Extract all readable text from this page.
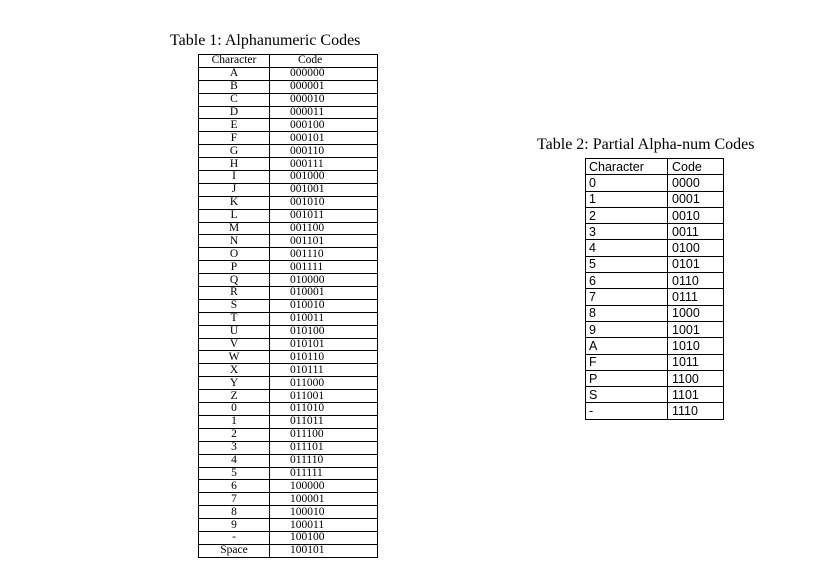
Table 1: Alphanumeric Codes
Character	Code
A	000000
B	000001
C	000010
D	000011
E	000100
F	000101
G	000110
H	000111
I	001000
J	001001
K	001010
L	001011
M	001100
N	001101
O	001110
P	001111
Q	010000
R	010001
S	010010
T	010011
U	010100
V	010101
W	010110
X	010111
Y	011000
Z	011001
0	011010
1	011011
2	011100
3	011101
4	011110
5	011111
6	100000
7	100001
8	100010
9	100011
-	100100
Space	100101
Table 2: Partial Alpha-num Codes
Character	Code
0	0000
1	0001
2	0010
3	0011
4	0100
5	0101
6	0110
7	0111
8	1000
9	1001
A	1010
F	1011
P	1100
S	1101
-	1110
